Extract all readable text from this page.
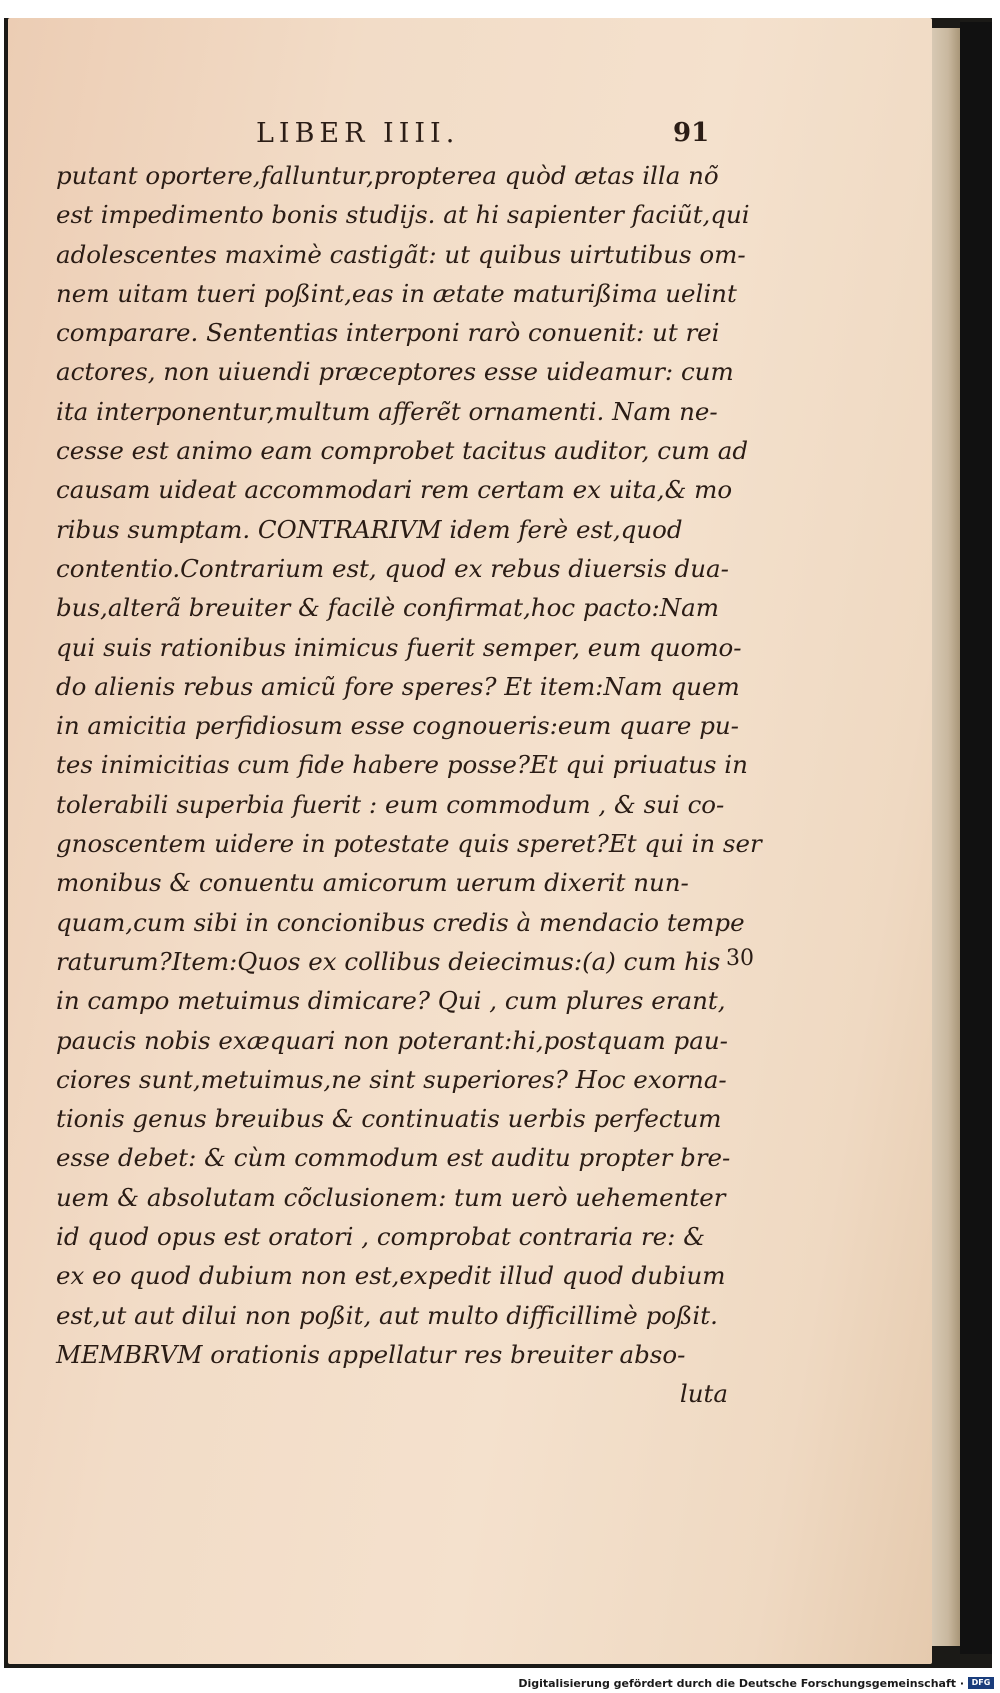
LIBER IIII.	91
putant oportere,falluntur,propterea quòd ætas illa nõ
est impedimento bonis studijs. at hi sapienter faciũt,qui
adolescentes maximè castigãt: ut quibus uirtutibus om-
nem uitam tueri poßint,eas in ætate maturißima uelint
comparare. Sententias interponi rarò conuenit: ut rei
actores, non uiuendi præceptores esse uideamur: cum
ita interponentur,multum afferẽt ornamenti. Nam ne-
cesse est animo eam comprobet tacitus auditor, cum ad
causam uideat accommodari rem certam ex uita,& mo
ribus sumptam. CONTRARIVM idem ferè est,quod
contentio.Contrarium est, quod ex rebus diuersis dua-
bus,alterã breuiter & facilè confirmat,hoc pacto:Nam
qui suis rationibus inimicus fuerit semper, eum quomo-
do alienis rebus amicũ fore speres? Et item:Nam quem
in amicitia perfidiosum esse cognoueris:eum quare pu-
tes inimicitias cum fide habere posse?Et qui priuatus in
tolerabili superbia fuerit : eum commodum , & sui co-
gnoscentem uidere in potestate quis speret?Et qui in ser
monibus & conuentu amicorum uerum dixerit nun-
quam,cum sibi in concionibus credis à mendacio tempe
raturum?Item:Quos ex collibus deiecimus:(a) cum his
in campo metuimus dimicare? Qui , cum plures erant,
paucis nobis exæquari non poterant:hi,postquam pau-
ciores sunt,metuimus,ne sint superiores? Hoc exorna-
tionis genus breuibus & continuatis uerbis perfectum
esse debet: & cùm commodum est auditu propter bre-
uem & absolutam cõclusionem: tum uerò uehementer
id quod opus est oratori , comprobat contraria re: &
ex eo quod dubium non est,expedit illud quod dubium
est,ut aut dilui non poßit, aut multo difficillimè poßit.
MEMBRVM orationis appellatur res breuiter abso-
luta
30
Digitalisierung gefördert durch die Deutsche Forschungsgemeinschaft · DFG
